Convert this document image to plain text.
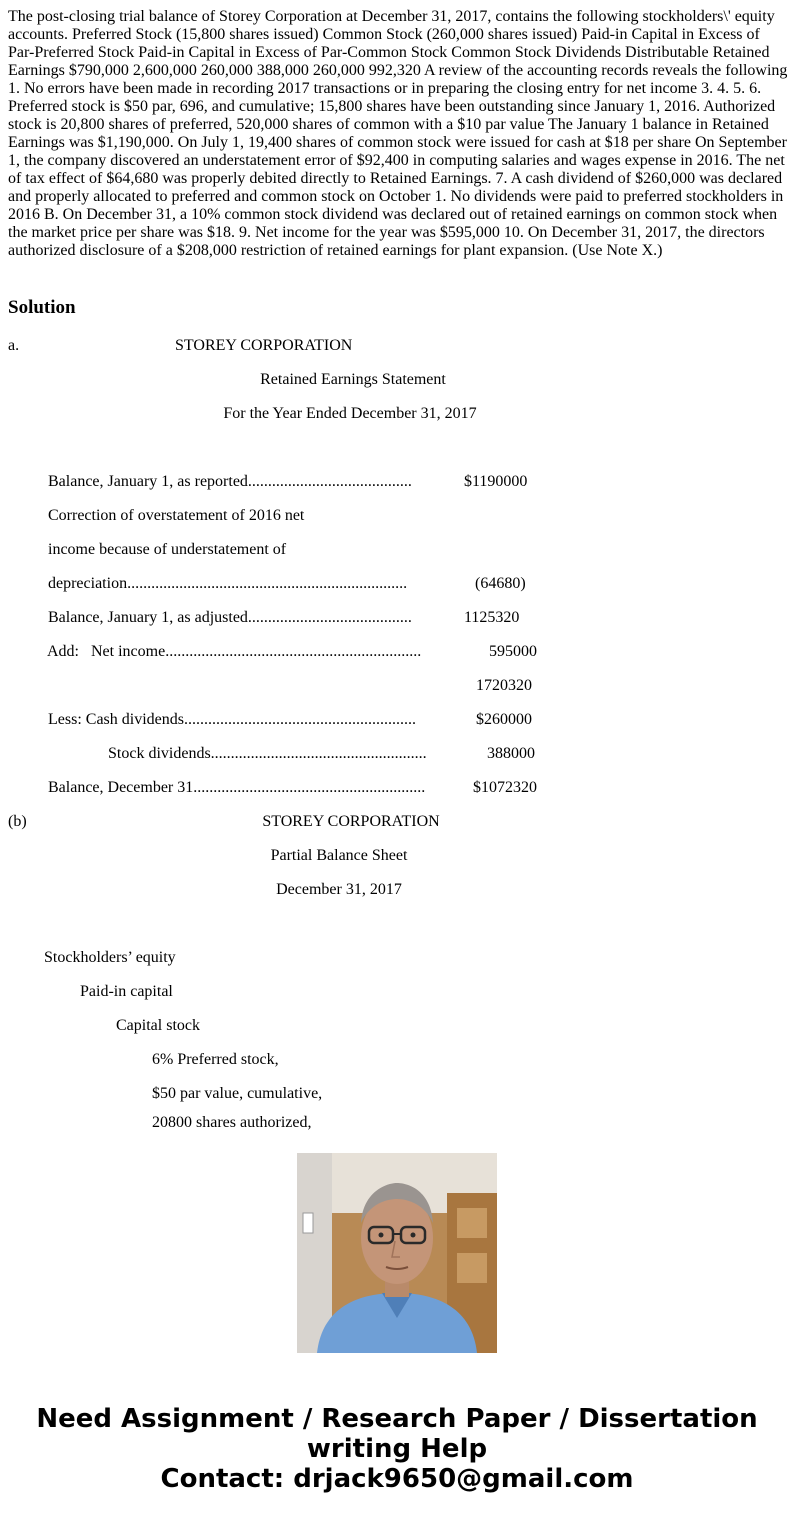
The post-closing trial balance of Storey Corporation at December 31, 2017, contains the following stockholders\' equity accounts. Preferred Stock (15,800 shares issued) Common Stock (260,000 shares issued) Paid-in Capital in Excess of Par-Preferred Stock Paid-in Capital in Excess of Par-Common Stock Common Stock Dividends Distributable Retained Earnings $790,000 2,600,000 260,000 388,000 260,000 992,320 A review of the accounting records reveals the following 1. No errors have been made in recording 2017 transactions or in preparing the closing entry for net income 3. 4. 5. 6. Preferred stock is $50 par, 696, and cumulative; 15,800 shares have been outstanding since January 1, 2016. Authorized stock is 20,800 shares of preferred, 520,000 shares of common with a $10 par value The January 1 balance in Retained Earnings was $1,190,000. On July 1, 19,400 shares of common stock were issued for cash at $18 per share On September 1, the company discovered an understatement error of $92,400 in computing salaries and wages expense in 2016. The net of tax effect of $64,680 was properly debited directly to Retained Earnings. 7. A cash dividend of $260,000 was declared and properly allocated to preferred and common stock on October 1. No dividends were paid to preferred stockholders in 2016 B. On December 31, a 10% common stock dividend was declared out of retained earnings on common stock when the market price per share was $18. 9. Net income for the year was $595,000 10. On December 31, 2017, the directors authorized disclosure of a $208,000 restriction of retained earnings for plant expansion. (Use Note X.)

Solution
a.	STOREY CORPORATION
Retained Earnings Statement
For the Year Ended December 31, 2017
Balance, January 1, as reported.........................................	$1190000
Correction of overstatement of 2016 net
income because of understatement of
depreciation......................................................................	(64680)
Balance, January 1, as adjusted.........................................	1125320
Add:   Net income................................................................	595000
1720320
Less: Cash dividends..........................................................	$260000
Stock dividends......................................................	388000
Balance, December 31..........................................................	$1072320
(b)	STOREY CORPORATION
Partial Balance Sheet
December 31, 2017
Stockholders’ equity
Paid-in capital
Capital stock
6% Preferred stock,
$50 par value, cumulative,
20800 shares authorized,
Need Assignment / Research Paper / Dissertation
writing Help
Contact: drjack9650@gmail.com
